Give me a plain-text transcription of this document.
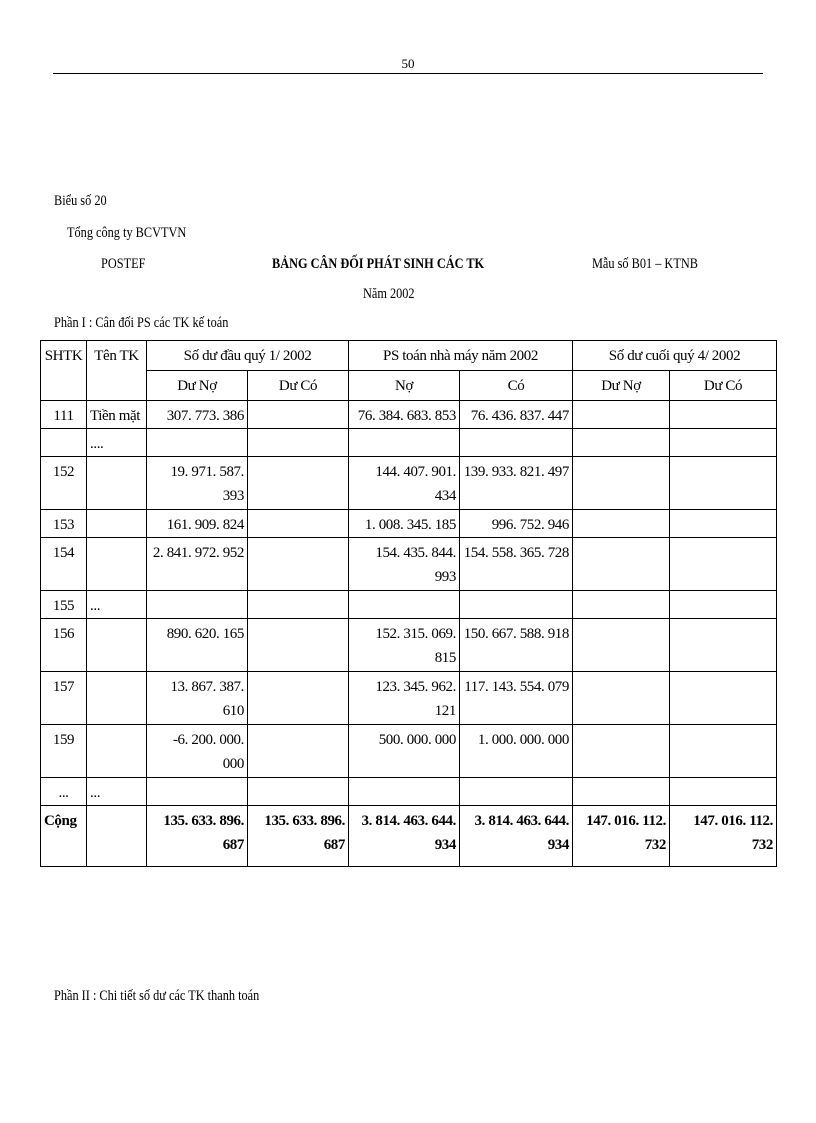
50
Biểu số 20
Tổng công ty BCVTVN
POSTEF	BẢNG CÂN ĐỐI PHÁT SINH CÁC TK	Mẫu số B01 – KTNB
Năm 2002
Phần I : Cân đối PS các TK kế toán
SHTK	Tên TK	Số dư đầu quý 1/ 2002		PS toán nhà máy năm 2002		Số dư cuối quý 4/ 2002	
		Dư Nợ	Dư Có	Nợ	Có	Dư Nợ	Dư Có
111	Tiền mặt	307. 773. 386		76. 384. 683. 853	76. 436. 837. 447		
	....						
152		19. 971. 587. 393		144. 407. 901. 434	139. 933. 821. 497		
153		161. 909. 824		1. 008. 345. 185	996. 752. 946		
154		2. 841. 972. 952		154. 435. 844. 993	154. 558. 365. 728		
155	...						
156		890. 620. 165		152. 315. 069. 815	150. 667. 588. 918		
157		13. 867. 387. 610		123. 345. 962. 121	117. 143. 554. 079		
159		-6. 200. 000. 000		500. 000. 000	1. 000. 000. 000		
...	...						
Cộng		135. 633. 896. 687	135. 633. 896. 687	3. 814. 463. 644. 934	3. 814. 463. 644. 934	147. 016. 112. 732	147. 016. 112. 732
Phần II : Chi tiết số dư các TK thanh toán
